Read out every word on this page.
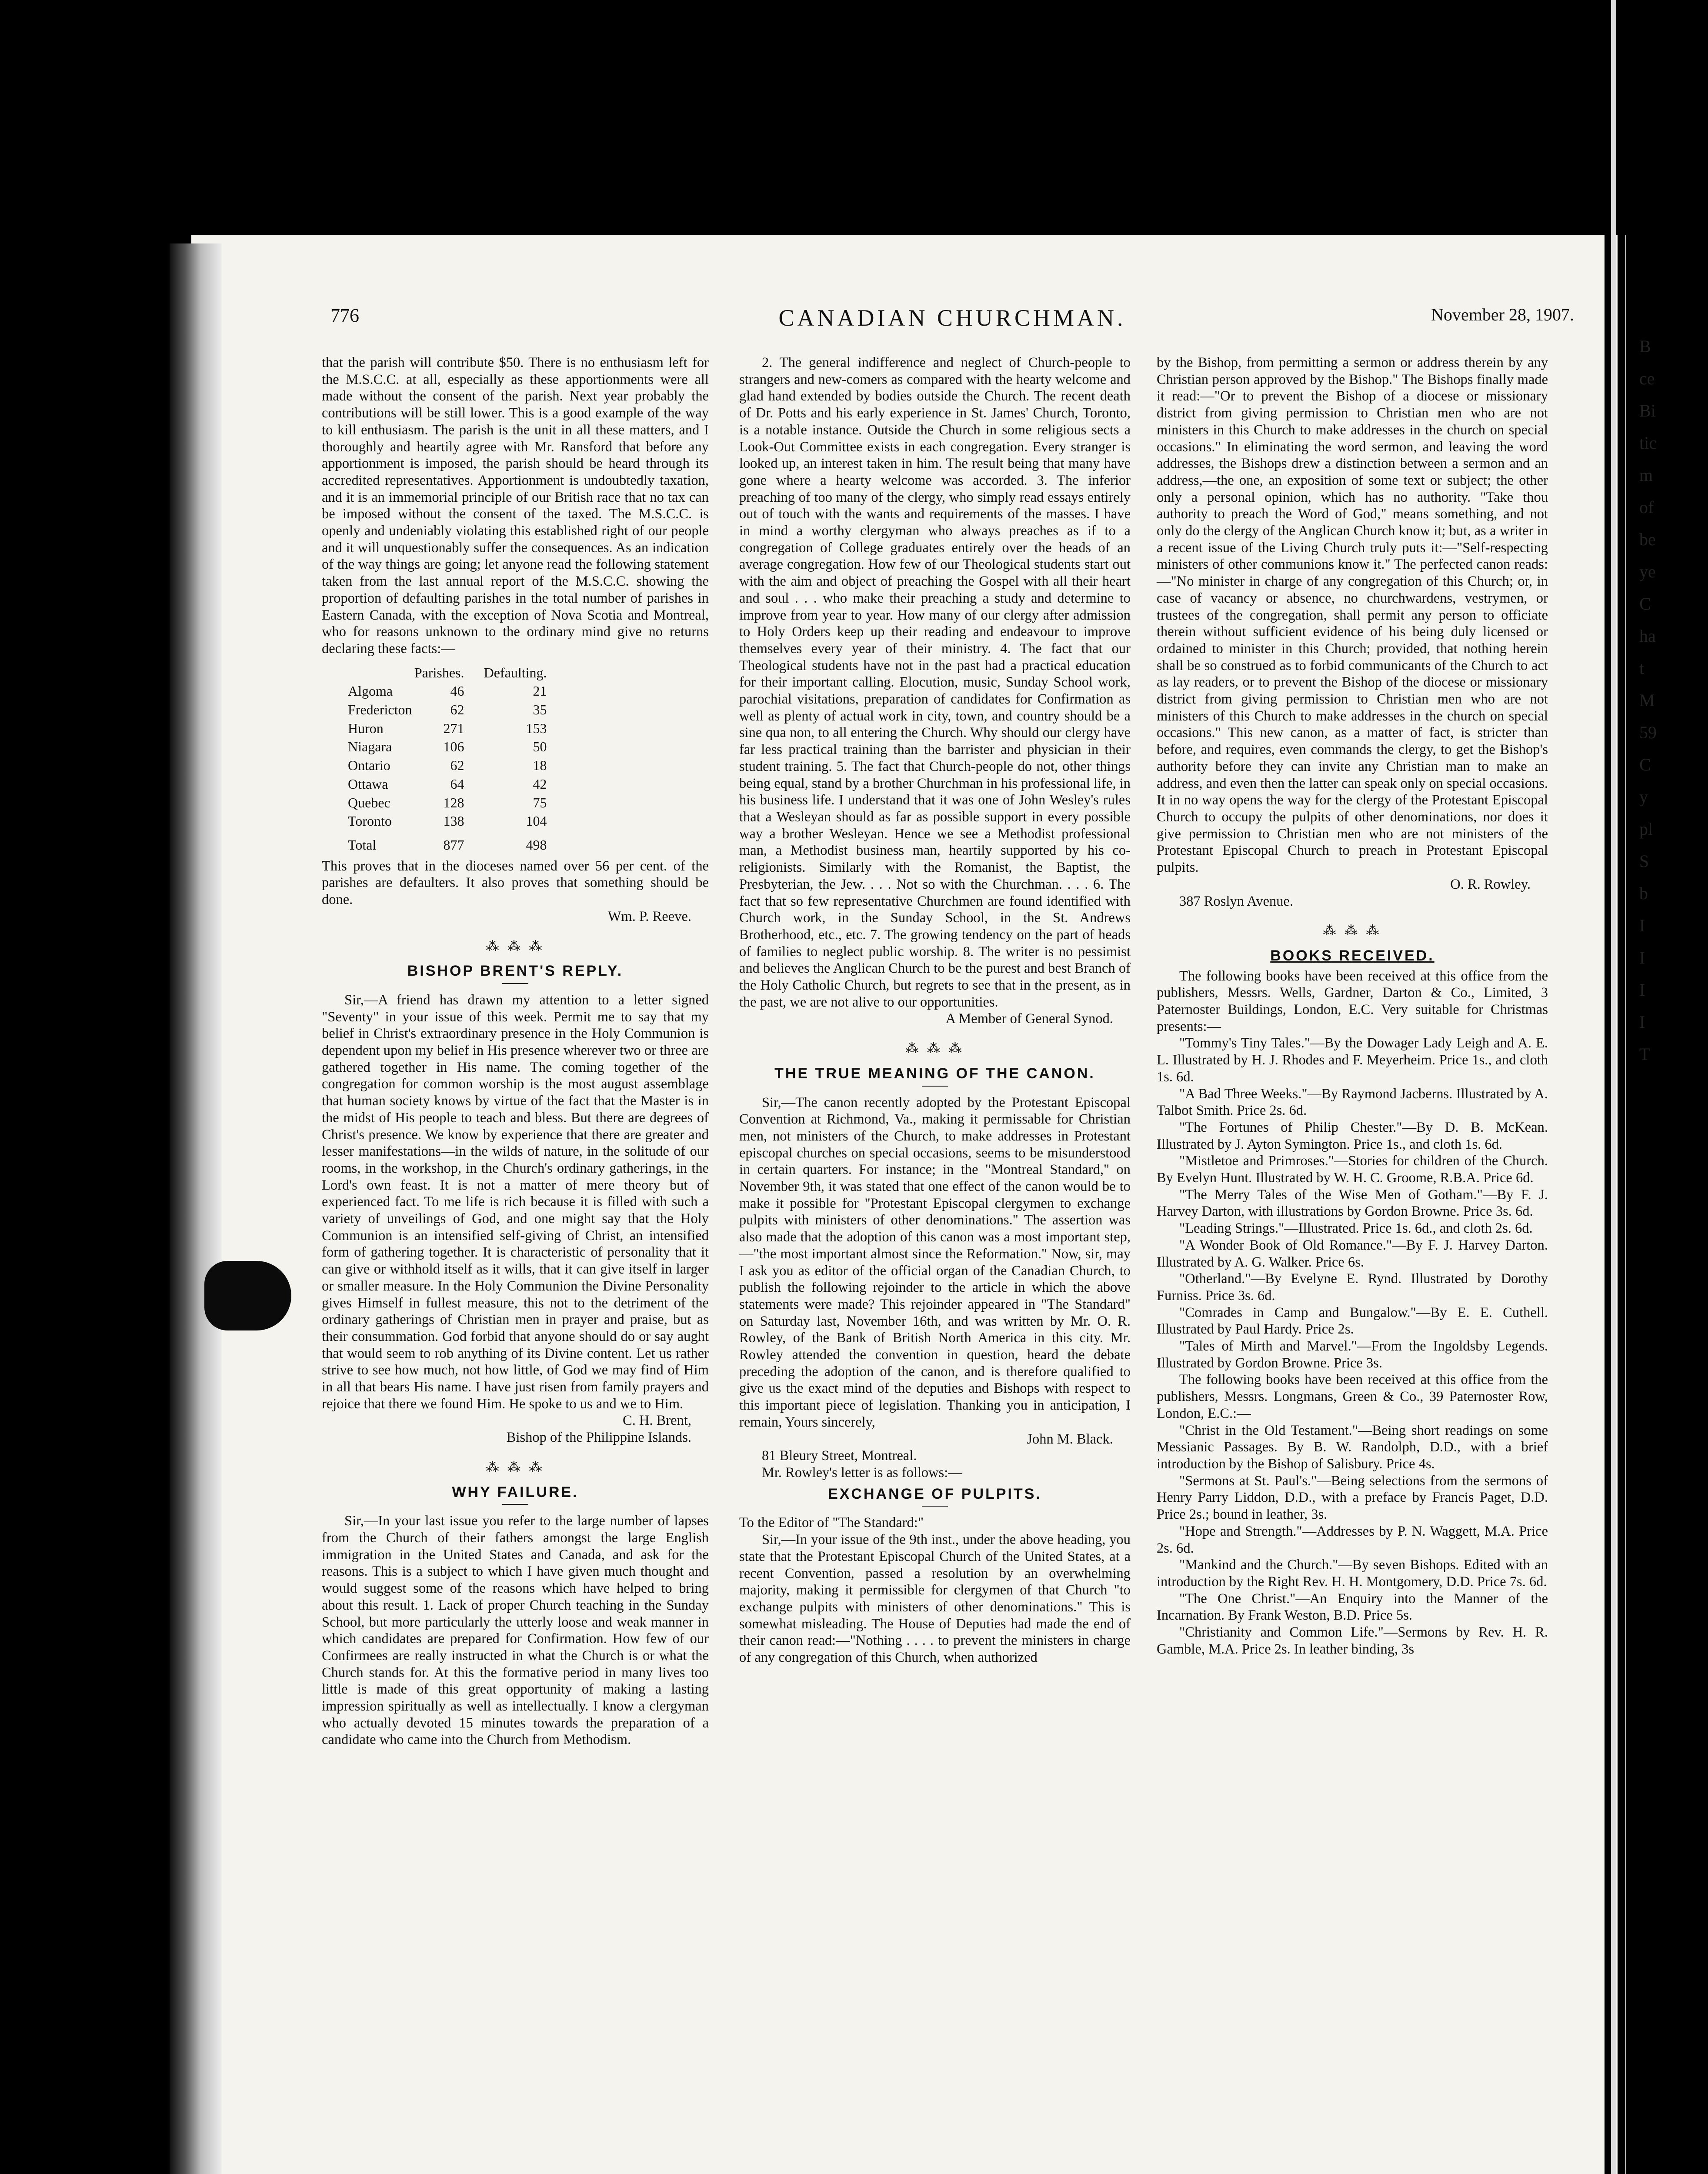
B
ce
Bi
tic
m
of
be
ye
C
ha
t
M
59
C
y
pl
S
b
I
I
I
I
T
776	CANADIAN CHURCHMAN.	November 28, 1907.

that the parish will contribute $50. There is no enthusiasm left for the M.S.C.C. at all, especially as these apportionments were all made without the consent of the parish. Next year probably the contributions will be still lower. This is a good example of the way to kill enthusiasm. The parish is the unit in all these matters, and I thoroughly and heartily agree with Mr. Ransford that before any apportionment is imposed, the parish should be heard through its accredited representatives. Apportionment is undoubtedly taxation, and it is an immemorial principle of our British race that no tax can be imposed without the consent of the taxed. The M.S.C.C. is openly and undeniably violating this established right of our people and it will unquestionably suffer the consequences. As an indication of the way things are going; let anyone read the following statement taken from the last annual report of the M.S.C.C. showing the proportion of defaulting parishes in the total number of parishes in Eastern Canada, with the exception of Nova Scotia and Montreal, who for reasons unknown to the ordinary mind give no returns declaring these facts:—

	Parishes.	Defaulting.
Algoma	46	21
Fredericton	62	35
Huron	271	153
Niagara	106	50
Ontario	62	18
Ottawa	64	42
Quebec	128	75
Toronto	138	104
Total	877	498

This proves that in the dioceses named over 56 per cent. of the parishes are defaulters. It also proves that something should be done.

Wm. P. Reeve.
⁂ ⁂ ⁂
BISHOP BRENT'S REPLY.

Sir,—A friend has drawn my attention to a letter signed "Seventy" in your issue of this week. Permit me to say that my belief in Christ's extraordinary presence in the Holy Communion is dependent upon my belief in His presence wherever two or three are gathered together in His name. The coming together of the congregation for common worship is the most august assemblage that human society knows by virtue of the fact that the Master is in the midst of His people to teach and bless. But there are degrees of Christ's presence. We know by experience that there are greater and lesser manifestations—in the wilds of nature, in the solitude of our rooms, in the workshop, in the Church's ordinary gatherings, in the Lord's own feast. It is not a matter of mere theory but of experienced fact. To me life is rich because it is filled with such a variety of unveilings of God, and one might say that the Holy Communion is an intensified self-giving of Christ, an intensified form of gathering together. It is characteristic of personality that it can give or withhold itself as it wills, that it can give itself in larger or smaller measure. In the Holy Communion the Divine Personality gives Himself in fullest measure, this not to the detriment of the ordinary gatherings of Christian men in prayer and praise, but as their consummation. God forbid that anyone should do or say aught that would seem to rob anything of its Divine content. Let us rather strive to see how much, not how little, of God we may find of Him in all that bears His name. I have just risen from family prayers and rejoice that there we found Him. He spoke to us and we to Him.

C. H. Brent,
Bishop of the Philippine Islands.
⁂ ⁂ ⁂
WHY FAILURE.

Sir,—In your last issue you refer to the large number of lapses from the Church of their fathers amongst the large English immigration in the United States and Canada, and ask for the reasons. This is a subject to which I have given much thought and would suggest some of the reasons which have helped to bring about this result. 1. Lack of proper Church teaching in the Sunday School, but more particularly the utterly loose and weak manner in which candidates are prepared for Confirmation. How few of our Confirmees are really instructed in what the Church is or what the Church stands for. At this the formative period in many lives too little is made of this great opportunity of making a lasting impression spiritually as well as intellectually. I know a clergyman who actually devoted 15 minutes towards the preparation of a candidate who came into the Church from Methodism.

2. The general indifference and neglect of Church-people to strangers and new-comers as compared with the hearty welcome and glad hand extended by bodies outside the Church. The recent death of Dr. Potts and his early experience in St. James' Church, Toronto, is a notable instance. Outside the Church in some religious sects a Look-Out Committee exists in each congregation. Every stranger is looked up, an interest taken in him. The result being that many have gone where a hearty welcome was accorded. 3. The inferior preaching of too many of the clergy, who simply read essays entirely out of touch with the wants and requirements of the masses. I have in mind a worthy clergyman who always preaches as if to a congregation of College graduates entirely over the heads of an average congregation. How few of our Theological students start out with the aim and object of preaching the Gospel with all their heart and soul . . . who make their preaching a study and determine to improve from year to year. How many of our clergy after admission to Holy Orders keep up their reading and endeavour to improve themselves every year of their ministry. 4. The fact that our Theological students have not in the past had a practical education for their important calling. Elocution, music, Sunday School work, parochial visitations, preparation of candidates for Confirmation as well as plenty of actual work in city, town, and country should be a sine qua non, to all entering the Church. Why should our clergy have far less practical training than the barrister and physician in their student training. 5. The fact that Church-people do not, other things being equal, stand by a brother Churchman in his professional life, in his business life. I understand that it was one of John Wesley's rules that a Wesleyan should as far as possible support in every possible way a brother Wesleyan. Hence we see a Methodist professional man, a Methodist business man, heartily supported by his co-religionists. Similarly with the Romanist, the Baptist, the Presbyterian, the Jew. . . . Not so with the Churchman. . . . 6. The fact that so few representative Churchmen are found identified with Church work, in the Sunday School, in the St. Andrews Brotherhood, etc., etc. 7. The growing tendency on the part of heads of families to neglect public worship. 8. The writer is no pessimist and believes the Anglican Church to be the purest and best Branch of the Holy Catholic Church, but regrets to see that in the present, as in the past, we are not alive to our opportunities.

A Member of General Synod.
⁂ ⁂ ⁂
THE TRUE MEANING OF THE CANON.

Sir,—The canon recently adopted by the Protestant Episcopal Convention at Richmond, Va., making it permissable for Christian men, not ministers of the Church, to make addresses in Protestant episcopal churches on special occasions, seems to be misunderstood in certain quarters. For instance; in the "Montreal Standard," on November 9th, it was stated that one effect of the canon would be to make it possible for "Protestant Episcopal clergymen to exchange pulpits with ministers of other denominations." The assertion was also made that the adoption of this canon was a most important step,—"the most important almost since the Reformation." Now, sir, may I ask you as editor of the official organ of the Canadian Church, to publish the following rejoinder to the article in which the above statements were made? This rejoinder appeared in "The Standard" on Saturday last, November 16th, and was written by Mr. O. R. Rowley, of the Bank of British North America in this city. Mr. Rowley attended the convention in question, heard the debate preceding the adoption of the canon, and is therefore qualified to give us the exact mind of the deputies and Bishops with respect to this important piece of legislation. Thanking you in anticipation, I remain, Yours sincerely,

John M. Black.

81 Bleury Street, Montreal.

Mr. Rowley's letter is as follows:—

EXCHANGE OF PULPITS.

To the Editor of "The Standard:"

Sir,—In your issue of the 9th inst., under the above heading, you state that the Protestant Episcopal Church of the United States, at a recent Convention, passed a resolution by an overwhelming majority, making it permissible for clergymen of that Church "to exchange pulpits with ministers of other denominations." This is somewhat misleading. The House of Deputies had made the end of their canon read:—"Nothing . . . . to prevent the ministers in charge of any congregation of this Church, when authorized

by the Bishop, from permitting a sermon or address therein by any Christian person approved by the Bishop." The Bishops finally made it read:—"Or to prevent the Bishop of a diocese or missionary district from giving permission to Christian men who are not ministers in this Church to make addresses in the church on special occasions." In eliminating the word sermon, and leaving the word addresses, the Bishops drew a distinction between a sermon and an address,—the one, an exposition of some text or subject; the other only a personal opinion, which has no authority. "Take thou authority to preach the Word of God," means something, and not only do the clergy of the Anglican Church know it; but, as a writer in a recent issue of the Living Church truly puts it:—"Self-respecting ministers of other communions know it." The perfected canon reads:—"No minister in charge of any congregation of this Church; or, in case of vacancy or absence, no churchwardens, vestrymen, or trustees of the congregation, shall permit any person to officiate therein without sufficient evidence of his being duly licensed or ordained to minister in this Church; provided, that nothing herein shall be so construed as to forbid communicants of the Church to act as lay readers, or to prevent the Bishop of the diocese or missionary district from giving permission to Christian men who are not ministers of this Church to make addresses in the church on special occasions." This new canon, as a matter of fact, is stricter than before, and requires, even commands the clergy, to get the Bishop's authority before they can invite any Christian man to make an address, and even then the latter can speak only on special occasions. It in no way opens the way for the clergy of the Protestant Episcopal Church to occupy the pulpits of other denominations, nor does it give permission to Christian men who are not ministers of the Protestant Episcopal Church to preach in Protestant Episcopal pulpits.

O. R. Rowley.

387 Roslyn Avenue.

⁂ ⁂ ⁂
BOOKS RECEIVED.

The following books have been received at this office from the publishers, Messrs. Wells, Gardner, Darton & Co., Limited, 3 Paternoster Buildings, London, E.C. Very suitable for Christmas presents:—

"Tommy's Tiny Tales."—By the Dowager Lady Leigh and A. E. L. Illustrated by H. J. Rhodes and F. Meyerheim. Price 1s., and cloth 1s. 6d.

"A Bad Three Weeks."—By Raymond Jacberns. Illustrated by A. Talbot Smith. Price 2s. 6d.

"The Fortunes of Philip Chester."—By D. B. McKean. Illustrated by J. Ayton Symington. Price 1s., and cloth 1s. 6d.

"Mistletoe and Primroses."—Stories for children of the Church. By Evelyn Hunt. Illustrated by W. H. C. Groome, R.B.A. Price 6d.

"The Merry Tales of the Wise Men of Gotham."—By F. J. Harvey Darton, with illustrations by Gordon Browne. Price 3s. 6d.

"Leading Strings."—Illustrated. Price 1s. 6d., and cloth 2s. 6d.

"A Wonder Book of Old Romance."—By F. J. Harvey Darton. Illustrated by A. G. Walker. Price 6s.

"Otherland."—By Evelyne E. Rynd. Illustrated by Dorothy Furniss. Price 3s. 6d.

"Comrades in Camp and Bungalow."—By E. E. Cuthell. Illustrated by Paul Hardy. Price 2s.

"Tales of Mirth and Marvel."—From the Ingoldsby Legends. Illustrated by Gordon Browne. Price 3s.

The following books have been received at this office from the publishers, Messrs. Longmans, Green & Co., 39 Paternoster Row, London, E.C.:—

"Christ in the Old Testament."—Being short readings on some Messianic Passages. By B. W. Randolph, D.D., with a brief introduction by the Bishop of Salisbury. Price 4s.

"Sermons at St. Paul's."—Being selections from the sermons of Henry Parry Liddon, D.D., with a preface by Francis Paget, D.D. Price 2s.; bound in leather, 3s.

"Hope and Strength."—Addresses by P. N. Waggett, M.A. Price 2s. 6d.

"Mankind and the Church."—By seven Bishops. Edited with an introduction by the Right Rev. H. H. Montgomery, D.D. Price 7s. 6d.

"The One Christ."—An Enquiry into the Manner of the Incarnation. By Frank Weston, B.D. Price 5s.

"Christianity and Common Life."—Sermons by Rev. H. R. Gamble, M.A. Price 2s. In leather binding, 3s
